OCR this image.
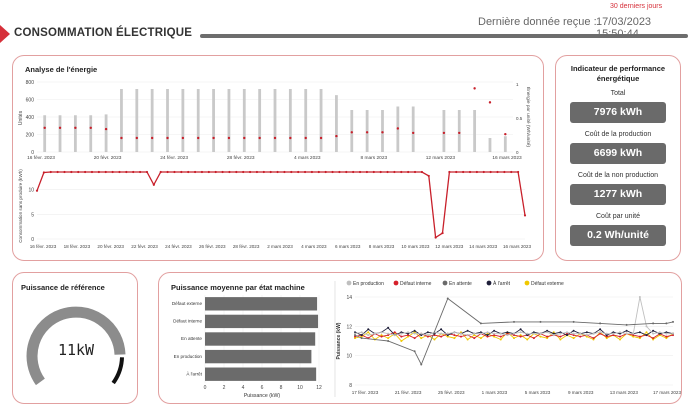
30 derniers jours
Dernière donnée reçue : 17/03/2023
CONSOMMATION ÉLECTRIQUE
Analyse de l'énergie
800
600
400
200
0
Unités
1
0.5
0
Énergie par unité (Wh/unité)
16 févr. 2023	20 févr. 2023	24 févr. 2023	28 févr. 2023	4 mars 2023	8 mars 2023	12 mars 2023	16 mars 2023
10
5
0
Consommation sans produire (kWh)
16 févr. 2023 18 févr. 2023 20 févr. 2023 22 févr. 2023 24 févr. 2023 26 févr. 2023 28 févr. 2023 2 mars 2023 4 mars 2023 6 mars 2023 8 mars 2023 10 mars 2023 12 mars 2023 14 mars 2023 16 mars 2023
Indicateur de performance énergétique
Total
7976 kWh
Coût de la production
6699 kWh
Coût de la non production
1277 kWh
Coût par unité
0.2 Wh/unité
Puissance de référence
11kW
Puissance moyenne par état machine
0	2	4	6	8	10	12
Défaut externe
Défaut interne
En attente
En production
À l'arrêt
Puissance (kW)
En production	Défaut interne	En attente	À l'arrêt	Défaut externe
14
12
10
8
Puissance (kW)
17 févr. 2023	21 févr. 2023	25 févr. 2023	1 mars 2023	5 mars 2023	9 mars 2023	13 mars 2023	17 mars 2023
